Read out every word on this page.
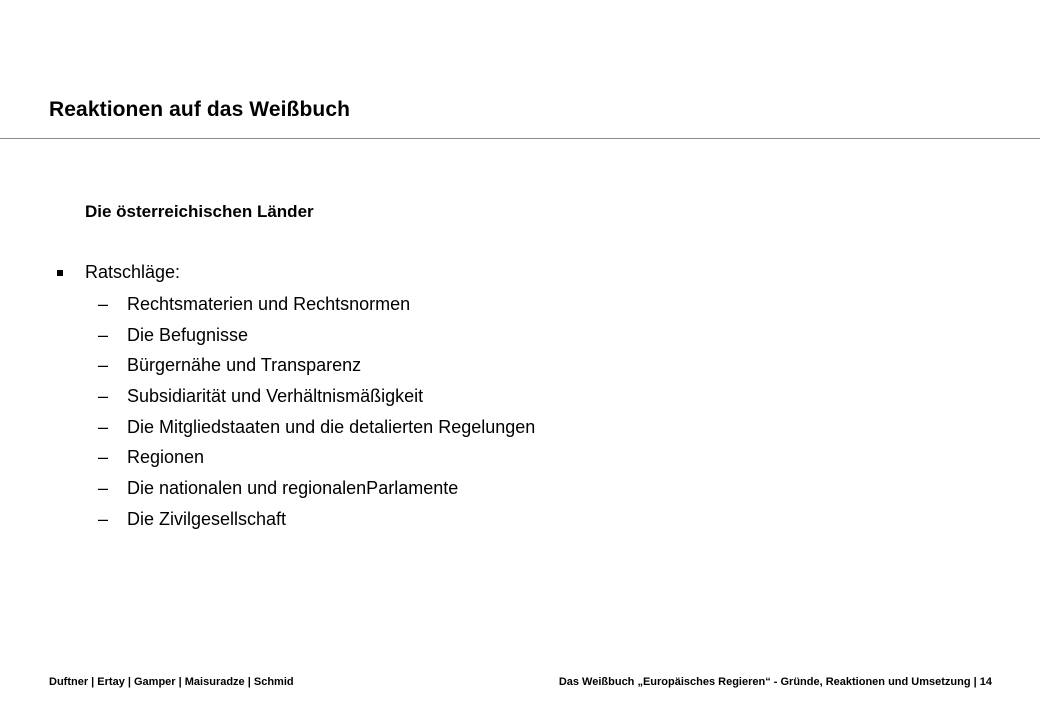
Reaktionen auf das Weißbuch
Die österreichischen Länder
Ratschläge:
–	Rechtsmaterien und Rechtsnormen
–	Die Befugnisse
–	Bürgernähe und Transparenz
–	Subsidiarität und Verhältnismäßigkeit
–	Die Mitgliedstaaten und die detalierten Regelungen
–	Regionen
–	Die nationalen und regionalenParlamente
–	Die Zivilgesellschaft
Duftner | Ertay | Gamper | Maisuradze | Schmid	Das Weißbuch „Europäisches Regieren“ - Gründe, Reaktionen und Umsetzung | 14
